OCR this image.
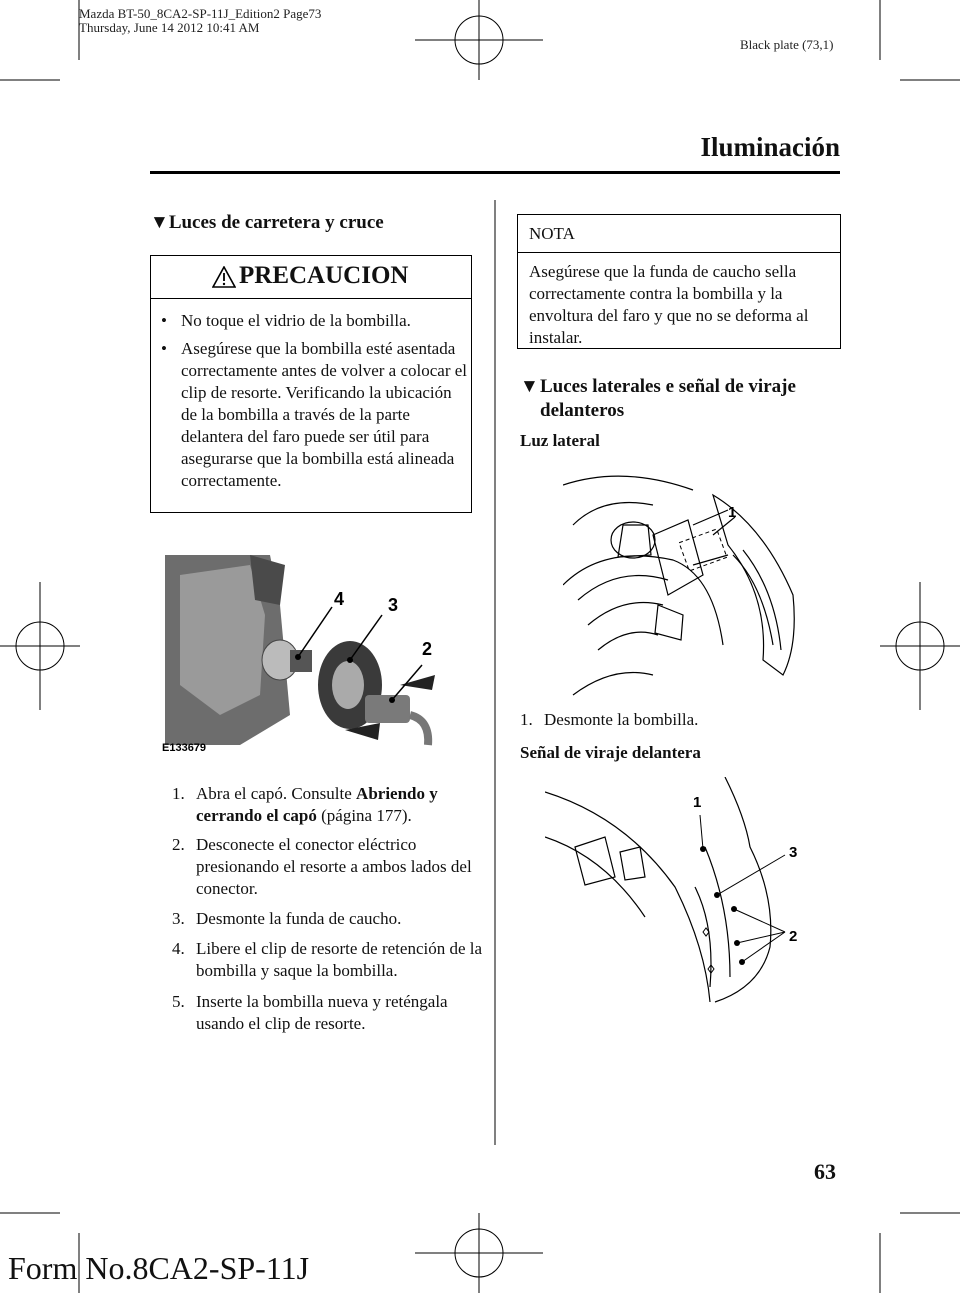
Mazda BT-50_8CA2-SP-11J_Edition2 Page73
Thursday, June 14 2012 10:41 AM
Black plate (73,1)
Iluminación
▼Luces de carretera y cruce
PRECAUCION
• No toque el vidrio de la bombilla.
• Asegúrese que la bombilla esté asentada correctamente antes de volver a colocar el clip de resorte. Verificando la ubicación de la bombilla a través de la parte delantera del faro puede ser útil para asegurarse que la bombilla está alineada correctamente.
4 3
2
E133679
1. Abra el capó. Consulte Abriendo y cerrando el capó (página 177).
2. Desconecte el conector eléctrico presionando el resorte a ambos lados del conector.
3. Desmonte la funda de caucho.
4. Libere el clip de resorte de retención de la bombilla y saque la bombilla.
5. Inserte la bombilla nueva y reténgala usando el clip de resorte.
NOTA
Asegúrese que la funda de caucho sella correctamente contra la bombilla y la envoltura del faro y que no se deforma al instalar.
▼ Luces laterales e señal de viraje delanteros
Luz lateral
1
1. Desmonte la bombilla.
Señal de viraje delantera
1
3
2
63
Form No.8CA2-SP-11J
